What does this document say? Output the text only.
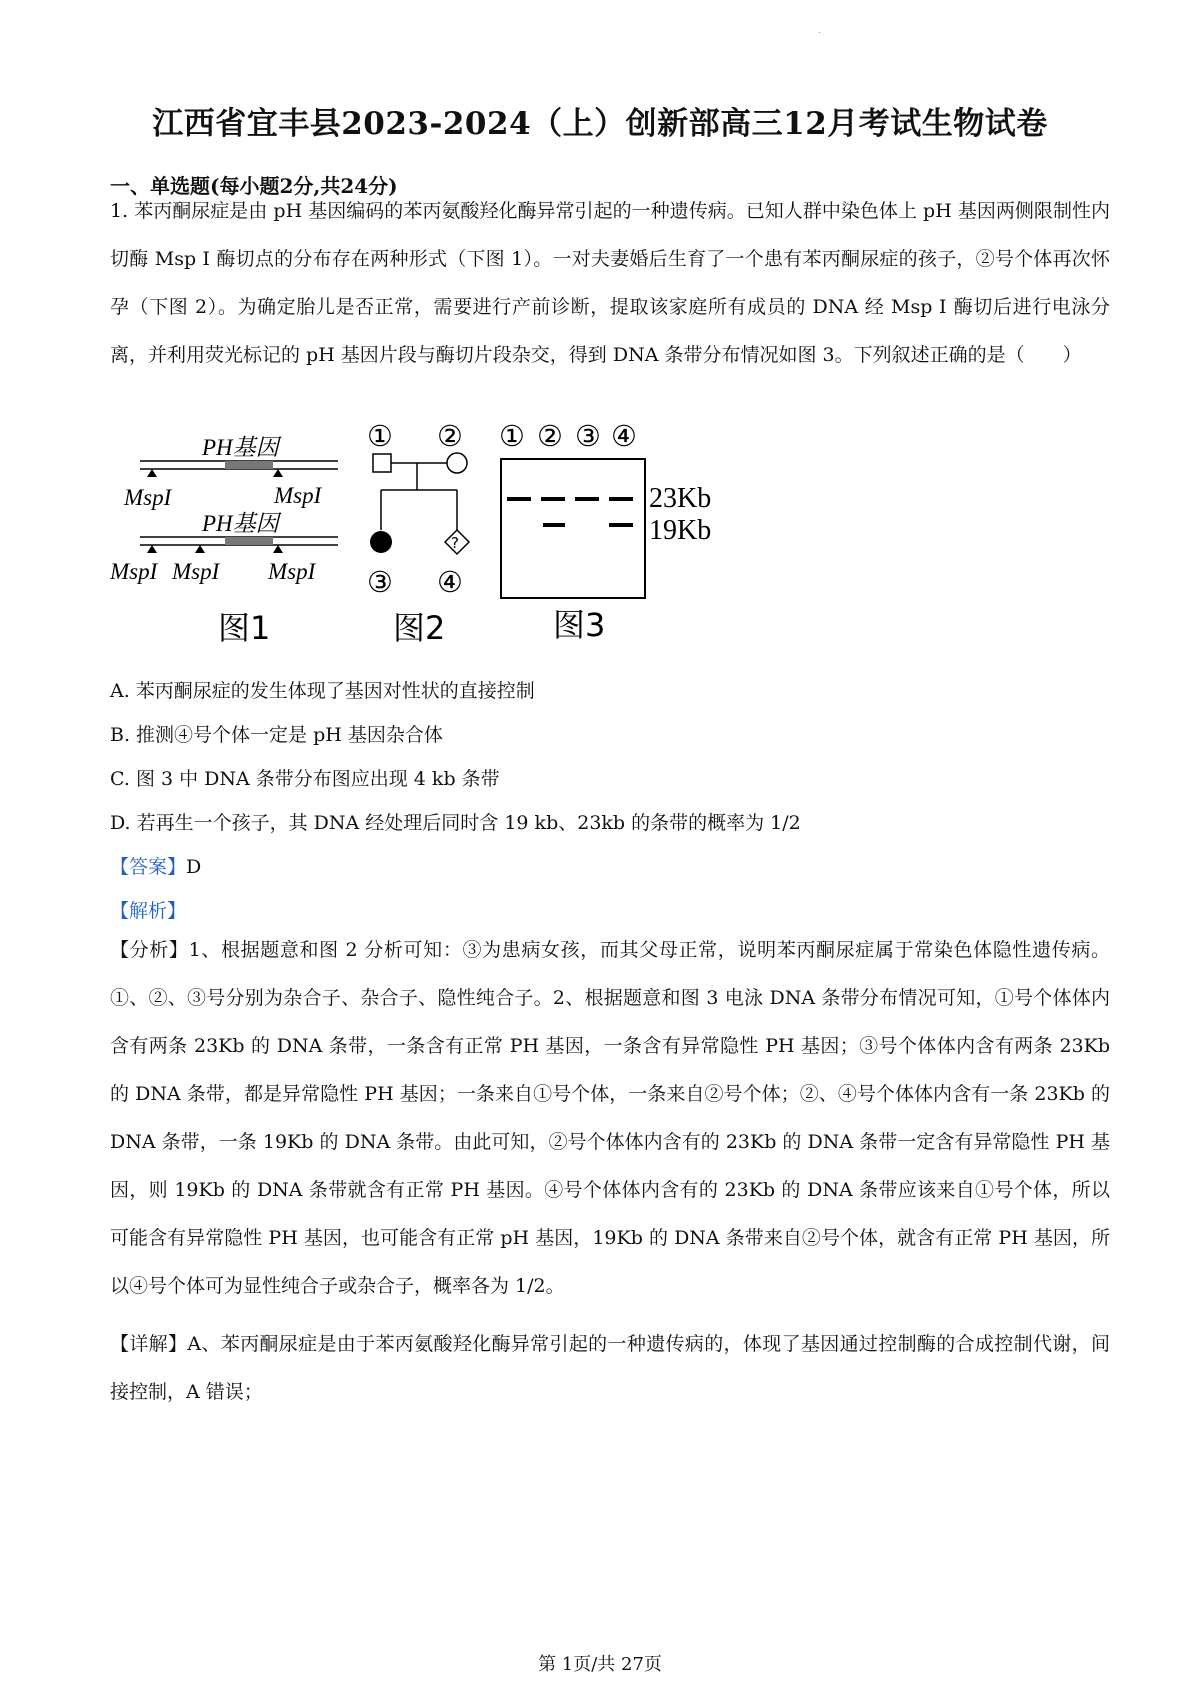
·
江西省宜丰县2023-2024（上）创新部高三12月考试生物试卷
一、单选题(每小题2分,共24分)
1. 苯丙酮尿症是由 pH 基因编码的苯丙氨酸羟化酶异常引起的一种遗传病。已知人群中染色体上 pH 基因两侧限制性内切酶 Msp Ⅰ 酶切点的分布存在两种形式（下图 1）。一对夫妻婚后生育了一个患有苯丙酮尿症的孩子，②号个体再次怀孕（下图 2）。为确定胎儿是否正常，需要进行产前诊断，提取该家庭所有成员的 DNA 经 Msp Ⅰ 酶切后进行电泳分离，并利用荧光标记的 pH 基因片段与酶切片段杂交，得到 DNA 条带分布情况如图 3。下列叙述正确的是（　　）
PH基因
MspI	MspI
PH基因
MspI MspI MspI
图1
① ②
?
③ ④
图2
① ② ③ ④
23Kb
19Kb
图3
A. 苯丙酮尿症的发生体现了基因对性状的直接控制
B. 推测④号个体一定是 pH 基因杂合体
C. 图 3 中 DNA 条带分布图应出现 4 kb 条带
D. 若再生一个孩子，其 DNA 经处理后同时含 19 kb、23kb 的条带的概率为 1/2
【答案】D
【解析】
【分析】1、根据题意和图 2 分析可知：③为患病女孩，而其父母正常，说明苯丙酮尿症属于常染色体隐性遗传病。①、②、③号分别为杂合子、杂合子、隐性纯合子。2、根据题意和图 3 电泳 DNA 条带分布情况可知，①号个体体内含有两条 23Kb 的 DNA 条带，一条含有正常 PH 基因，一条含有异常隐性 PH 基因；③号个体体内含有两条 23Kb 的 DNA 条带，都是异常隐性 PH 基因；一条来自①号个体，一条来自②号个体；②、④号个体体内含有一条 23Kb 的 DNA 条带，一条 19Kb 的 DNA 条带。由此可知，②号个体体内含有的 23Kb 的 DNA 条带一定含有异常隐性 PH 基因，则 19Kb 的 DNA 条带就含有正常 PH 基因。④号个体体内含有的 23Kb 的 DNA 条带应该来自①号个体，所以可能含有异常隐性 PH 基因，也可能含有正常 pH 基因，19Kb 的 DNA 条带来自②号个体，就含有正常 PH 基因，所以④号个体可为显性纯合子或杂合子，概率各为 1/2。
【详解】A、苯丙酮尿症是由于苯丙氨酸羟化酶异常引起的一种遗传病的，体现了基因通过控制酶的合成控制代谢，间接控制，A 错误；
第 1页/共 27页
